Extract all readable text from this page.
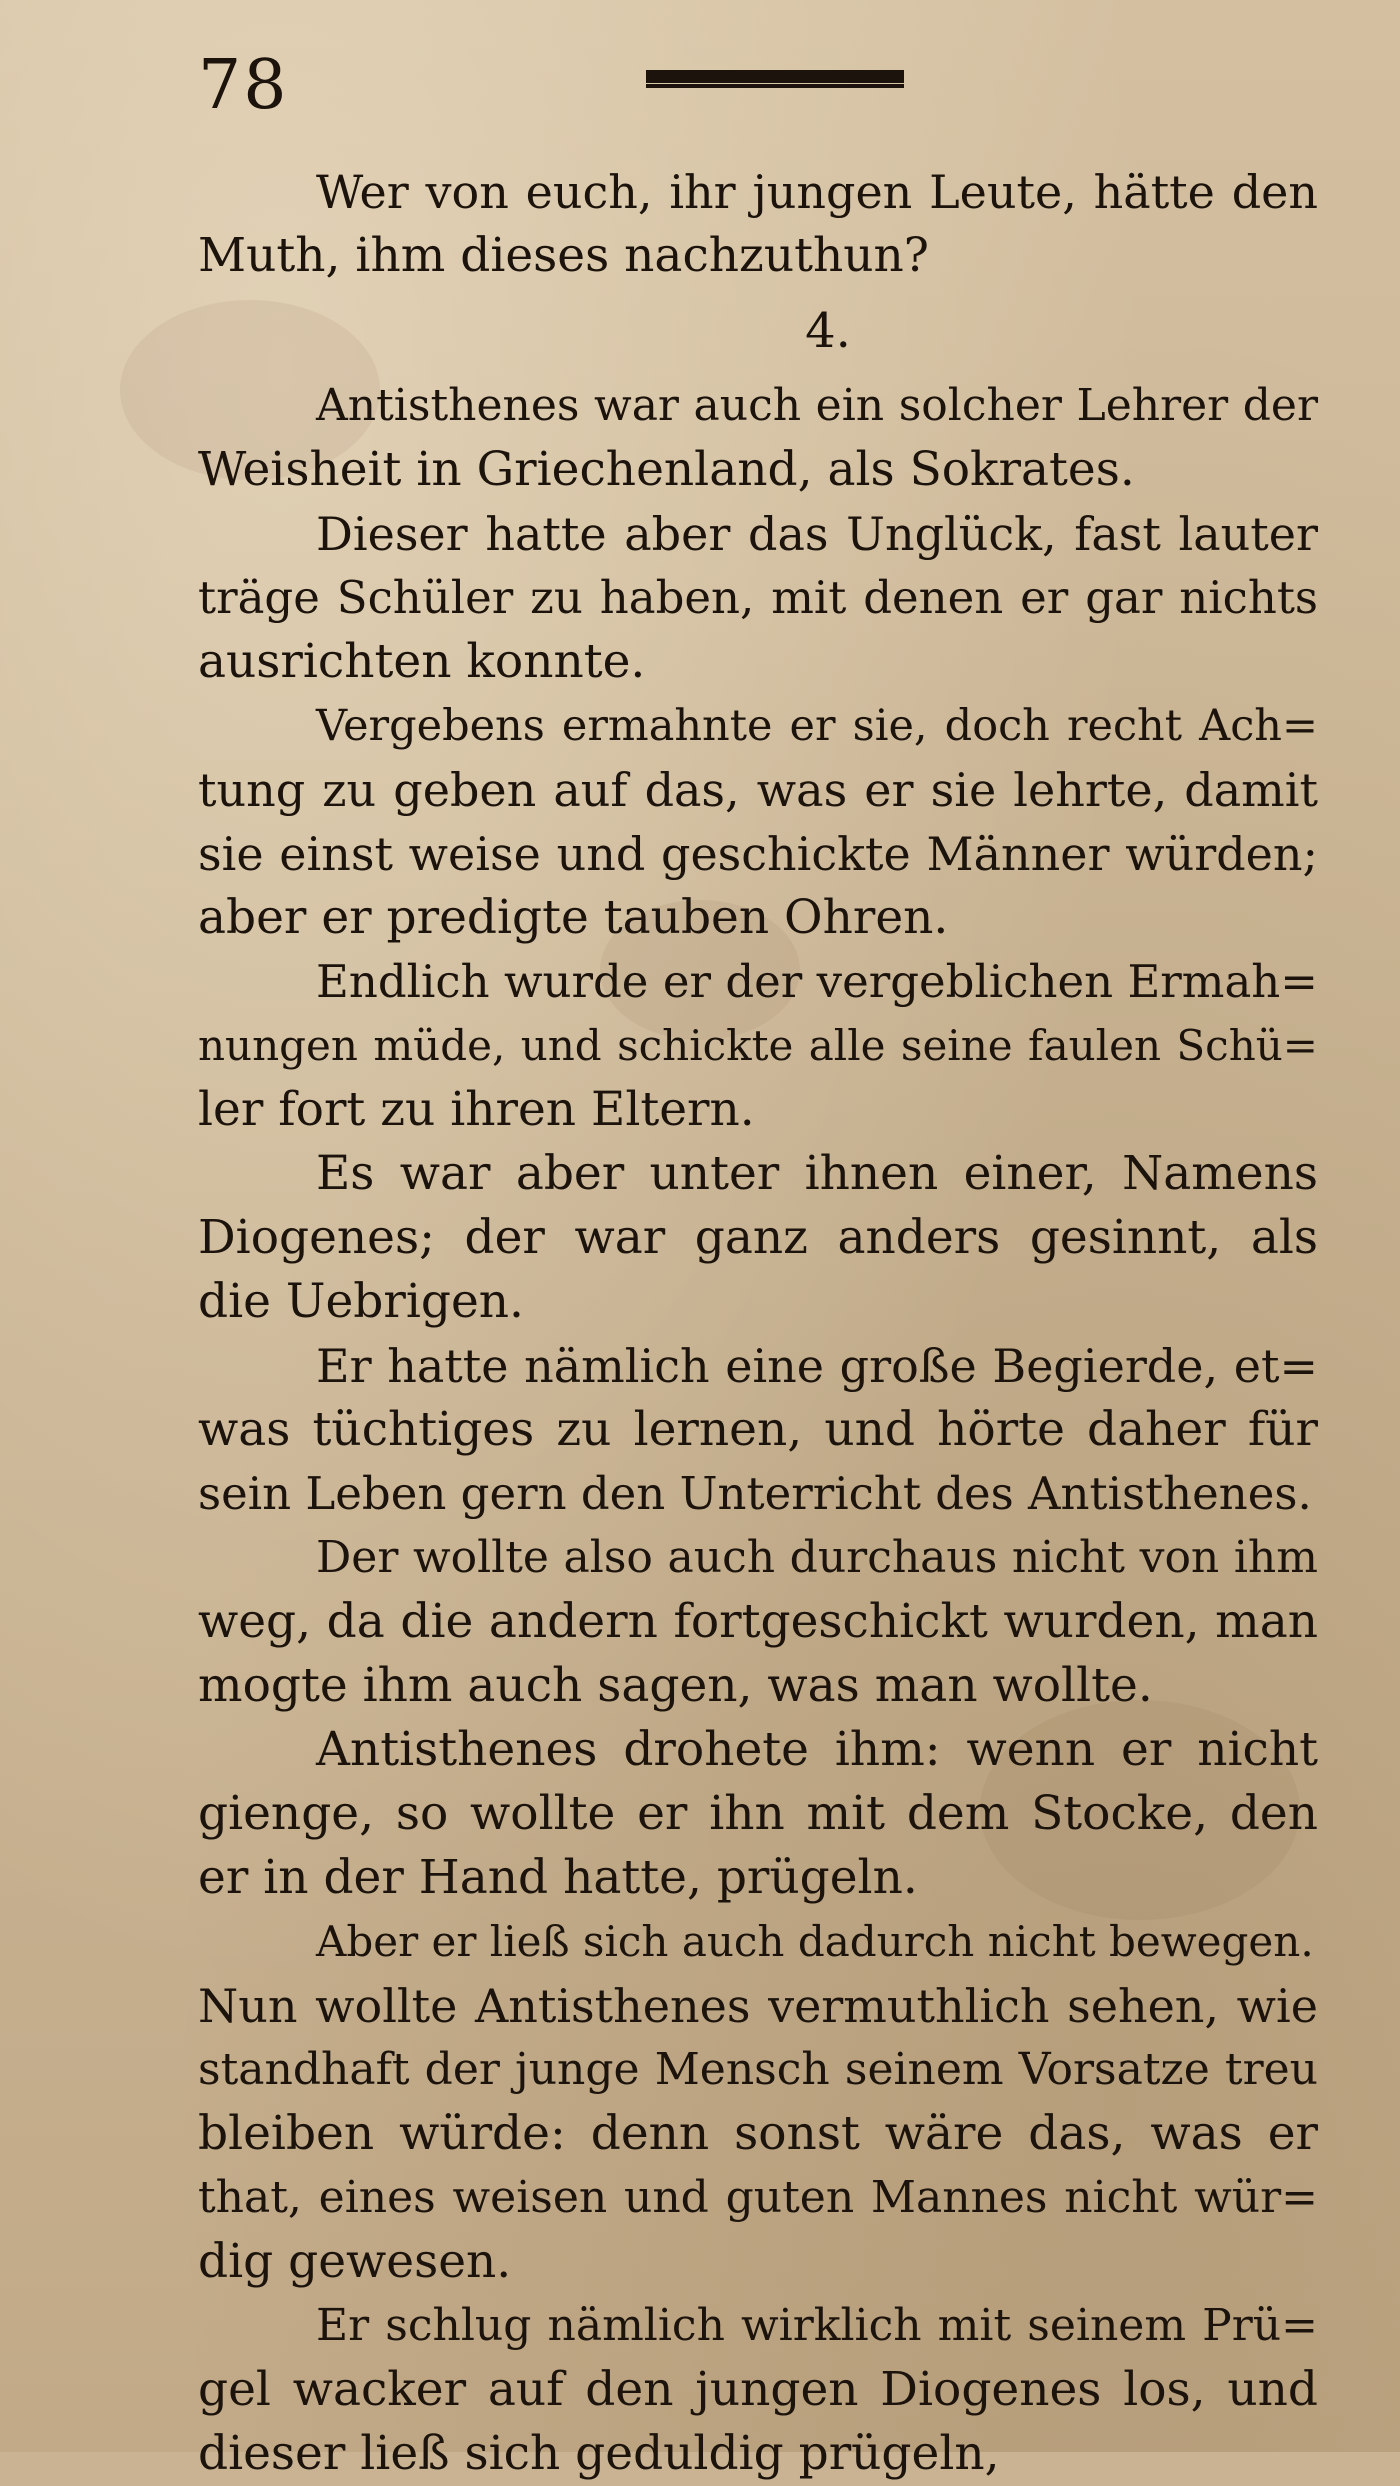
78
Wer von euch, ihr jungen Leute, hätte den
Muth, ihm dieses nachzuthun?
4.
Antisthenes war auch ein solcher Lehrer der
Weisheit in Griechenland, als Sokrates.
Dieser hatte aber das Unglück, fast lauter
träge Schüler zu haben, mit denen er gar nichts
ausrichten konnte.
Vergebens ermahnte er sie, doch recht Ach=
tung zu geben auf das, was er sie lehrte, damit
sie einst weise und geschickte Männer würden;
aber er predigte tauben Ohren.
Endlich wurde er der vergeblichen Ermah=
nungen müde, und schickte alle seine faulen Schü=
ler fort zu ihren Eltern.
Es war aber unter ihnen einer, Namens
Diogenes; der war ganz anders gesinnt, als
die Uebrigen.
Er hatte nämlich eine große Begierde, et=
was tüchtiges zu lernen, und hörte daher für
sein Leben gern den Unterricht des Antisthenes.
Der wollte also auch durchaus nicht von ihm
weg, da die andern fortgeschickt wurden, man
mogte ihm auch sagen, was man wollte.
Antisthenes drohete ihm: wenn er nicht
gienge, so wollte er ihn mit dem Stocke, den
er in der Hand hatte, prügeln.
Aber er ließ sich auch dadurch nicht bewegen.
Nun wollte Antisthenes vermuthlich sehen, wie
standhaft der junge Mensch seinem Vorsatze treu
bleiben würde: denn sonst wäre das, was er
that, eines weisen und guten Mannes nicht wür=
dig gewesen.
Er schlug nämlich wirklich mit seinem Prü=
gel wacker auf den jungen Diogenes los, und
dieser ließ sich geduldig prügeln,
